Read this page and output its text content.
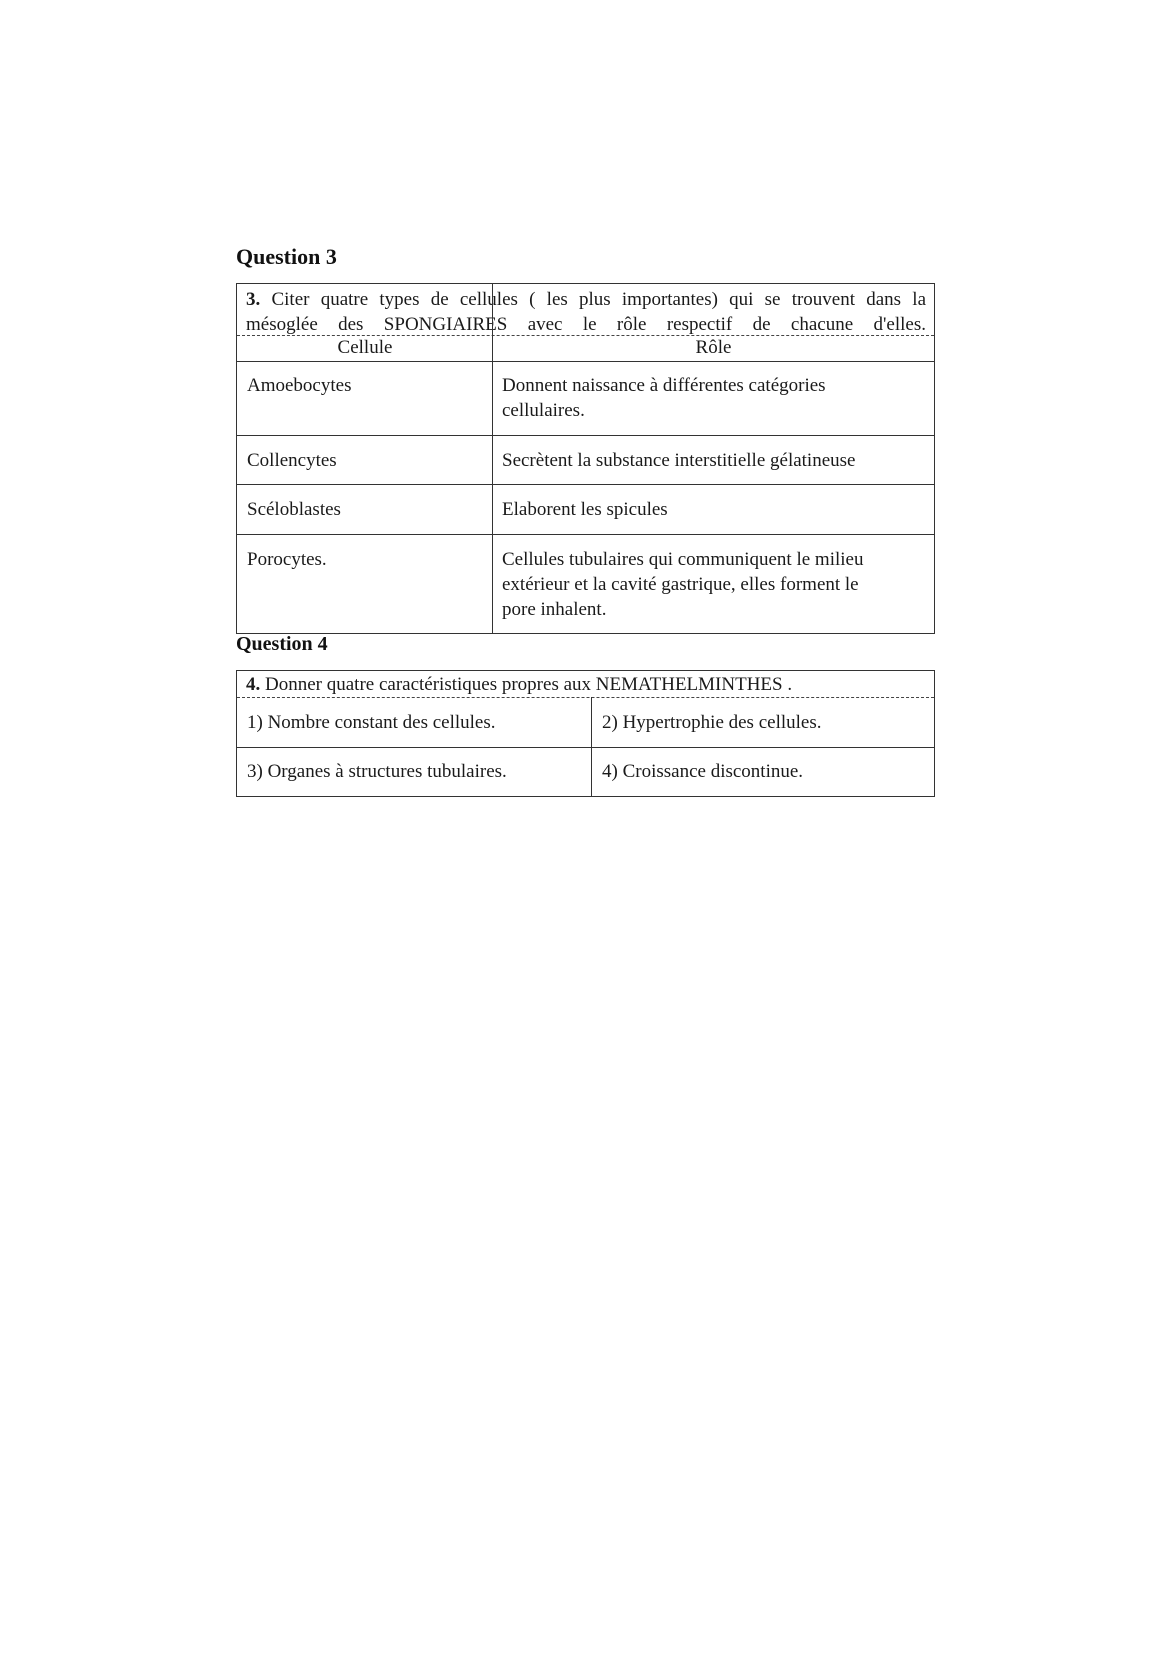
Question 3
3. Citer quatre types de cellules ( les plus importantes) qui se trouvent dans la
mésoglée des SPONGIAIRES avec le rôle respectif de chacune d'elles.
Cellule	Rôle
Amoebocytes	Donnent naissance à différentes catégories
cellulaires.
Collencytes	Secrètent la substance interstitielle gélatineuse
Scéloblastes	Elaborent les spicules
Porocytes.	Cellules tubulaires qui communiquent le milieu
extérieur et la cavité gastrique, elles forment le
pore inhalent.
Question 4
4. Donner quatre caractéristiques propres aux NEMATHELMINTHES .
1) Nombre constant des cellules.	2) Hypertrophie des cellules.
3) Organes à structures tubulaires.	4) Croissance discontinue.
